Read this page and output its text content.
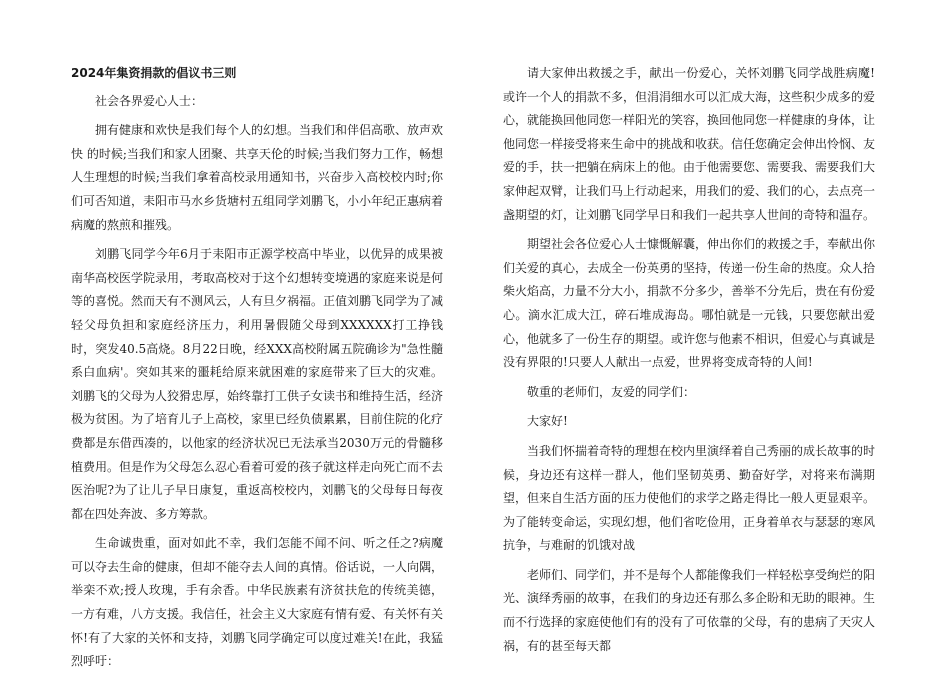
2024年集资捐款的倡议书三则

社会各界爱心人士：

拥有健康和欢快是我们每个人的幻想。当我们和伴侣高歌、放声欢快 的时候;当我们和家人团聚、共享天伦的时候;当我们努力工作，畅想人生理想的时候;当我们拿着高校录用通知书，兴奋步入高校校内时;你们可否知道，耒阳市马水乡货塘村五组同学刘鹏飞，小小年纪正惠病着病魔的熬煎和摧残。

刘鹏飞同学今年6月于耒阳市正源学校高中毕业，以优异的成果被南华高校医学院录用，考取高校对于这个幻想转变境遇的家庭来说是何等的喜悦。然而天有不测风云，人有旦夕祸福。正值刘鹏飞同学为了减轻父母负担和家庭经济压力，利用暑假随父母到XXXXXX打工挣钱时，突发40.5高烧。8月22日晚，经XXX高校附属五院确诊为"急性髓系白血病'。突如其来的噩耗给原来就困难的家庭带来了巨大的灾难。刘鹏飞的父母为人狡猾忠厚，始终靠打工供子女读书和维持生活，经济极为贫困。为了培育儿子上高校，家里已经负债累累，目前住院的化疗费都是东借西凑的，以他家的经济状况已无法承当2030万元的骨髓移植费用。但是作为父母怎么忍心看着可爱的孩子就这样走向死亡而不去医治呢?为了让儿子早日康复，重返高校校内，刘鹏飞的父母每日每夜都在四处奔波、多方筹款。

生命诚贵重，面对如此不幸，我们怎能不闻不问、听之任之?病魔可以夺去生命的健康，但却不能夺去人间的真情。俗话说，一人向隅，举栾不欢;授人玫瑰，手有余香。中华民族素有济贫扶危的传统美德，一方有难，八方支援。我信任，社会主义大家庭有情有爱、有关怀有关怀!有了大家的关怀和支持，刘鹏飞同学确定可以度过难关!在此，我猛烈呼吁：

请大家伸出救援之手，献出一份爱心，关怀刘鹏飞同学战胜病魔!或许一个人的捐款不多，但涓涓细水可以汇成大海，这些积少成多的爱心，就能换回他同您一样阳光的笑容，换回他同您一样健康的身体，让他同您一样接受将来生命中的挑战和收获。信任您确定会伸出怜悯、友爱的手，扶一把躺在病床上的他。由于他需要您、需要我、需要我们大家伸起双臂，让我们马上行动起来，用我们的爱、我们的心，去点亮一盏期望的灯，让刘鹏飞同学早日和我们一起共享人世间的奇特和温存。

期望社会各位爱心人士慷慨解囊，伸出你们的救援之手，奉献出你们关爱的真心，去成全一份英勇的坚持，传递一份生命的热度。众人拾柴火焰高，力量不分大小，捐款不分多少，善举不分先后，贵在有份爱心。滴水汇成大江，碎石堆成海岛。哪怕就是一元钱，只要您献出爱心，他就多了一份生存的期望。或许您与他素不相识，但爱心与真诚是没有界限的!只要人人献出一点爱，世界将变成奇特的人间!

敬重的老师们，友爱的同学们：

大家好!

当我们怀揣着奇特的理想在校内里演绎着自己秀丽的成长故事的时候，身边还有这样一群人，他们坚韧英勇、勤奋好学，对将来布满期望，但来自生活方面的压力使他们的求学之路走得比一般人更显艰辛。为了能转变命运，实现幻想，他们省吃俭用，正身着单衣与瑟瑟的寒风抗争，与难耐的饥饿对战

老师们、同学们，并不是每个人都能像我们一样轻松享受绚烂的阳光、演绎秀丽的故事，在我们的身边还有那么多企盼和无助的眼神。生而不行选择的家庭使他们有的没有了可依靠的父母，有的患病了天灾人祸，有的甚至每天都
